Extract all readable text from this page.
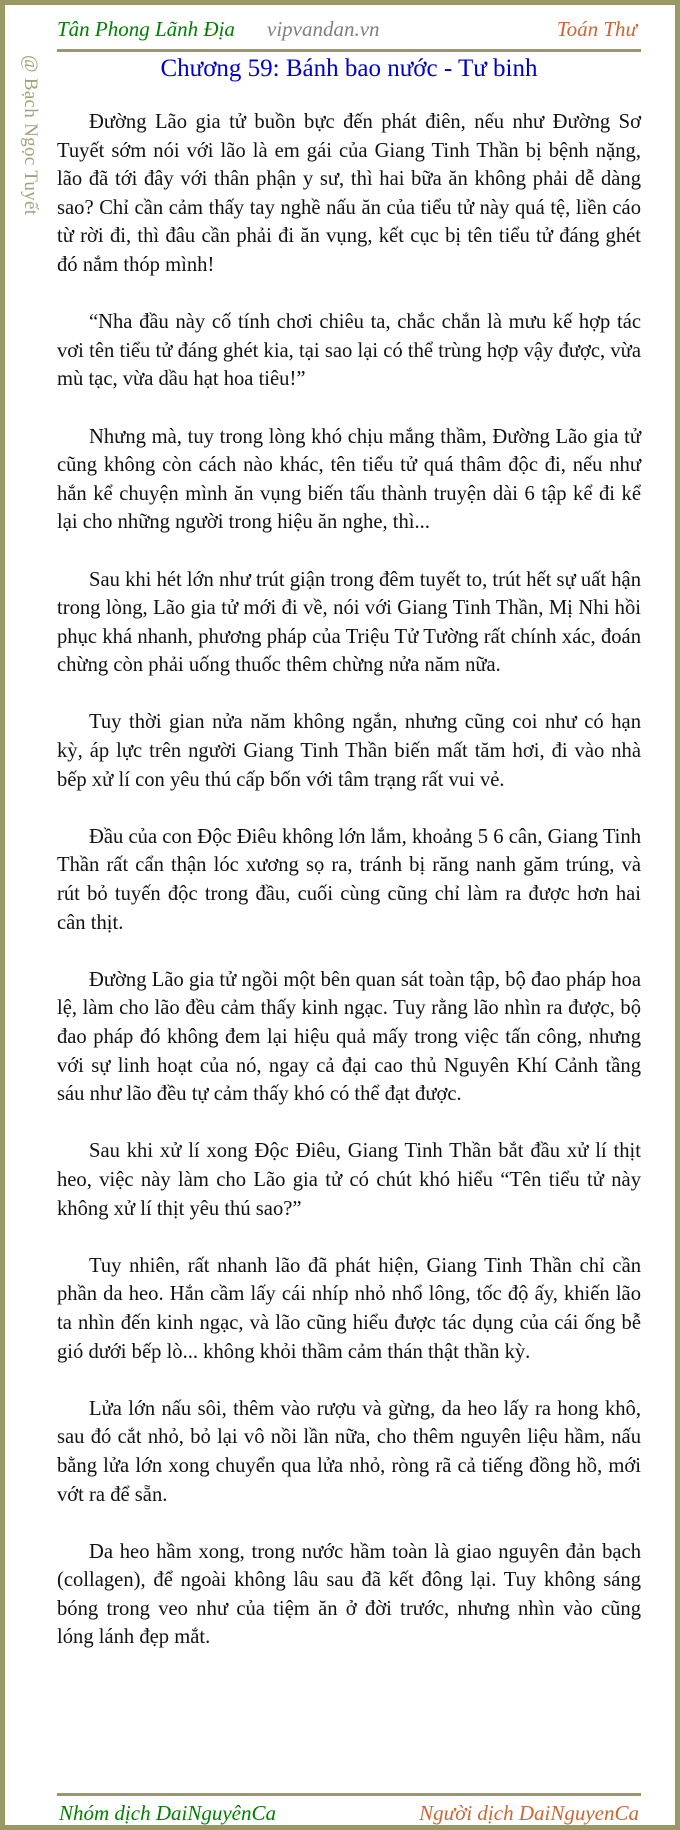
@ Bạch Ngọc Tuyết
Tân Phong Lãnh Địa vipvandan.vn	Toán Thư
Chương 59: Bánh bao nước - Tư binh

Đường Lão gia tử buồn bực đến phát điên, nếu như Đường Sơ Tuyết sớm nói với lão là em gái của Giang Tinh Thần bị bệnh nặng, lão đã tới đây với thân phận y sư, thì hai bữa ăn không phải dễ dàng sao? Chỉ cần cảm thấy tay nghề nấu ăn của tiểu tử này quá tệ, liền cáo từ rời đi, thì đâu cần phải đi ăn vụng, kết cục bị tên tiểu tử đáng ghét đó nắm thóp mình!

“Nha đầu này cố tính chơi chiêu ta, chắc chắn là mưu kế hợp tác vơi tên tiểu tử đáng ghét kia, tại sao lại có thể trùng hợp vậy được, vừa mù tạc, vừa dầu hạt hoa tiêu!”

Nhưng mà, tuy trong lòng khó chịu mắng thầm, Đường Lão gia tử cũng không còn cách nào khác, tên tiểu tử quá thâm độc đi, nếu như hắn kể chuyện mình ăn vụng biến tấu thành truyện dài 6 tập kể đi kể lại cho những người trong hiệu ăn nghe, thì...

Sau khi hét lớn như trút giận trong đêm tuyết to, trút hết sự uất hận trong lòng, Lão gia tử mới đi về, nói với Giang Tinh Thần, Mị Nhi hồi phục khá nhanh, phương pháp của Triệu Tử Tường rất chính xác, đoán chừng còn phải uống thuốc thêm chừng nửa năm nữa.

Tuy thời gian nửa năm không ngắn, nhưng cũng coi như có hạn kỳ, áp lực trên người Giang Tinh Thần biến mất tăm hơi, đi vào nhà bếp xử lí con yêu thú cấp bốn với tâm trạng rất vui vẻ.

Đầu của con Độc Điêu không lớn lắm, khoảng 5 6 cân, Giang Tinh Thần rất cẩn thận lóc xương sọ ra, tránh bị răng nanh găm trúng, và rút bỏ tuyến độc trong đầu, cuối cùng cũng chỉ làm ra được hơn hai cân thịt.

Đường Lão gia tử ngồi một bên quan sát toàn tập, bộ đao pháp hoa lệ, làm cho lão đều cảm thấy kinh ngạc. Tuy rằng lão nhìn ra được, bộ đao pháp đó không đem lại hiệu quả mấy trong việc tấn công, nhưng với sự linh hoạt của nó, ngay cả đại cao thủ Nguyên Khí Cảnh tầng sáu như lão đều tự cảm thấy khó có thể đạt được.

Sau khi xử lí xong Độc Điêu, Giang Tinh Thần bắt đầu xử lí thịt heo, việc này làm cho Lão gia tử có chút khó hiểu “Tên tiểu tử này không xử lí thịt yêu thú sao?”

Tuy nhiên, rất nhanh lão đã phát hiện, Giang Tinh Thần chỉ cần phần da heo. Hắn cầm lấy cái nhíp nhỏ nhổ lông, tốc độ ấy, khiến lão ta nhìn đến kinh ngạc, và lão cũng hiểu được tác dụng của cái ống bễ gió dưới bếp lò... không khỏi thầm cảm thán thật thần kỳ.

Lửa lớn nấu sôi, thêm vào rượu và gừng, da heo lấy ra hong khô, sau đó cắt nhỏ, bỏ lại vô nồi lần nữa, cho thêm nguyên liệu hầm, nấu bằng lửa lớn xong chuyển qua lửa nhỏ, ròng rã cả tiếng đồng hồ, mới vớt ra để sẵn.

Da heo hầm xong, trong nước hầm toàn là giao nguyên đản bạch (collagen), để ngoài không lâu sau đã kết đông lại. Tuy không sáng bóng trong veo như của tiệm ăn ở đời trước, nhưng nhìn vào cũng lóng lánh đẹp mắt.

Nhóm dịch DaiNguyênCa	Người dịch DaiNguyenCa
